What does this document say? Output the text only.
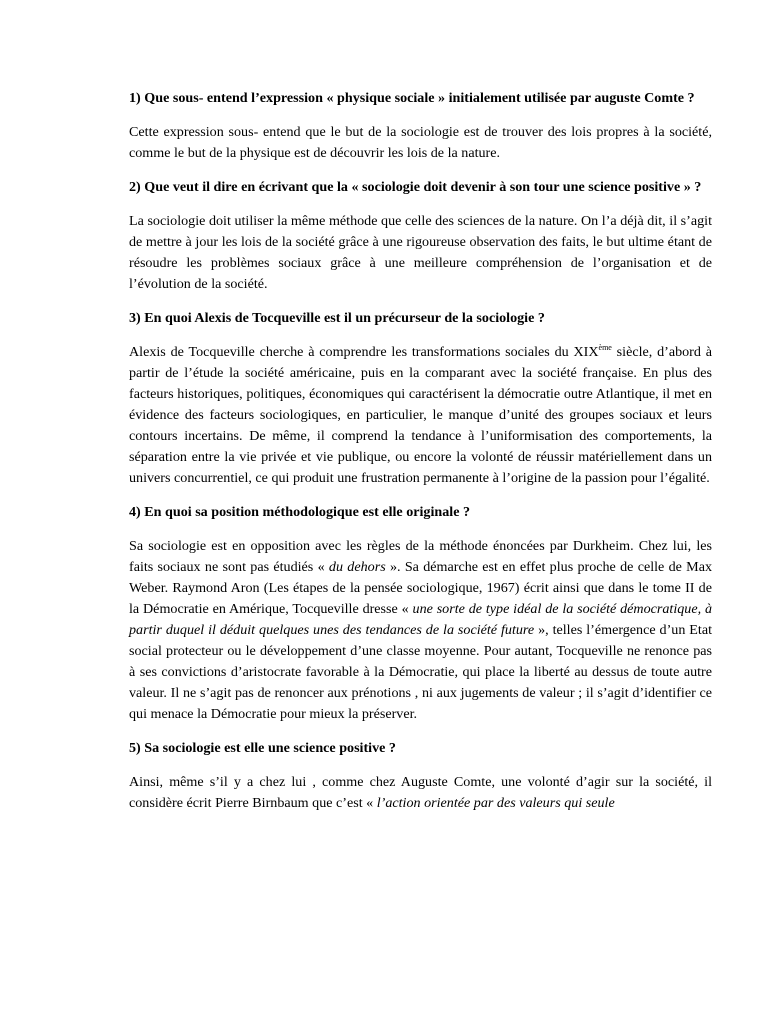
1) Que sous- entend l’expression « physique sociale » initialement utilisée par auguste Comte ?

Cette expression sous- entend que le but de la sociologie est de trouver des lois propres à la société, comme le but de la physique est de découvrir les lois de la nature.

2) Que veut il dire en écrivant que la « sociologie doit devenir à son tour une science positive » ?

La sociologie doit utiliser la même méthode que celle des sciences de la nature. On l’a déjà dit, il s’agit de mettre à jour les lois de la société grâce à une rigoureuse observation des faits, le but ultime étant de résoudre les problèmes sociaux grâce à une meilleure compréhension de l’organisation et de l’évolution de la société.

3) En quoi Alexis de Tocqueville est il un précurseur de la sociologie ?

Alexis de Tocqueville cherche à comprendre les transformations sociales du XIXème siècle, d’abord à partir de l’étude la société américaine, puis en la comparant avec la société française. En plus des facteurs historiques, politiques, économiques qui caractérisent la démocratie outre Atlantique, il met en évidence des facteurs sociologiques, en particulier, le manque d’unité des groupes sociaux et leurs contours incertains. De même, il comprend la tendance à l’uniformisation des comportements, la séparation entre la vie privée et vie publique, ou encore la volonté de réussir matériellement dans un univers concurrentiel, ce qui produit une frustration permanente à l’origine de la passion pour l’égalité.

4) En quoi sa position méthodologique est elle originale ?

Sa sociologie est en opposition avec les règles de la méthode énoncées par Durkheim. Chez lui, les faits sociaux ne sont pas étudiés « du dehors ». Sa démarche est en effet plus proche de celle de Max Weber. Raymond Aron (Les étapes de la pensée sociologique, 1967) écrit ainsi que dans le tome II de la Démocratie en Amérique, Tocqueville dresse « une sorte de type idéal de la société démocratique, à partir duquel il déduit quelques unes des tendances de la société future », telles l’émergence d’un Etat social protecteur ou le développement d’une classe moyenne. Pour autant, Tocqueville ne renonce pas à ses convictions d’aristocrate favorable à la Démocratie, qui place la liberté au dessus de toute autre valeur. Il ne s’agit pas de renoncer aux prénotions , ni aux jugements de valeur ; il s’agit d’identifier ce qui menace la Démocratie pour mieux la préserver.

5) Sa sociologie est elle une science positive ?

Ainsi, même s’il y a chez lui , comme chez Auguste Comte, une volonté d’agir sur la société, il considère écrit Pierre Birnbaum que c’est « l’action orientée par des valeurs qui seule
